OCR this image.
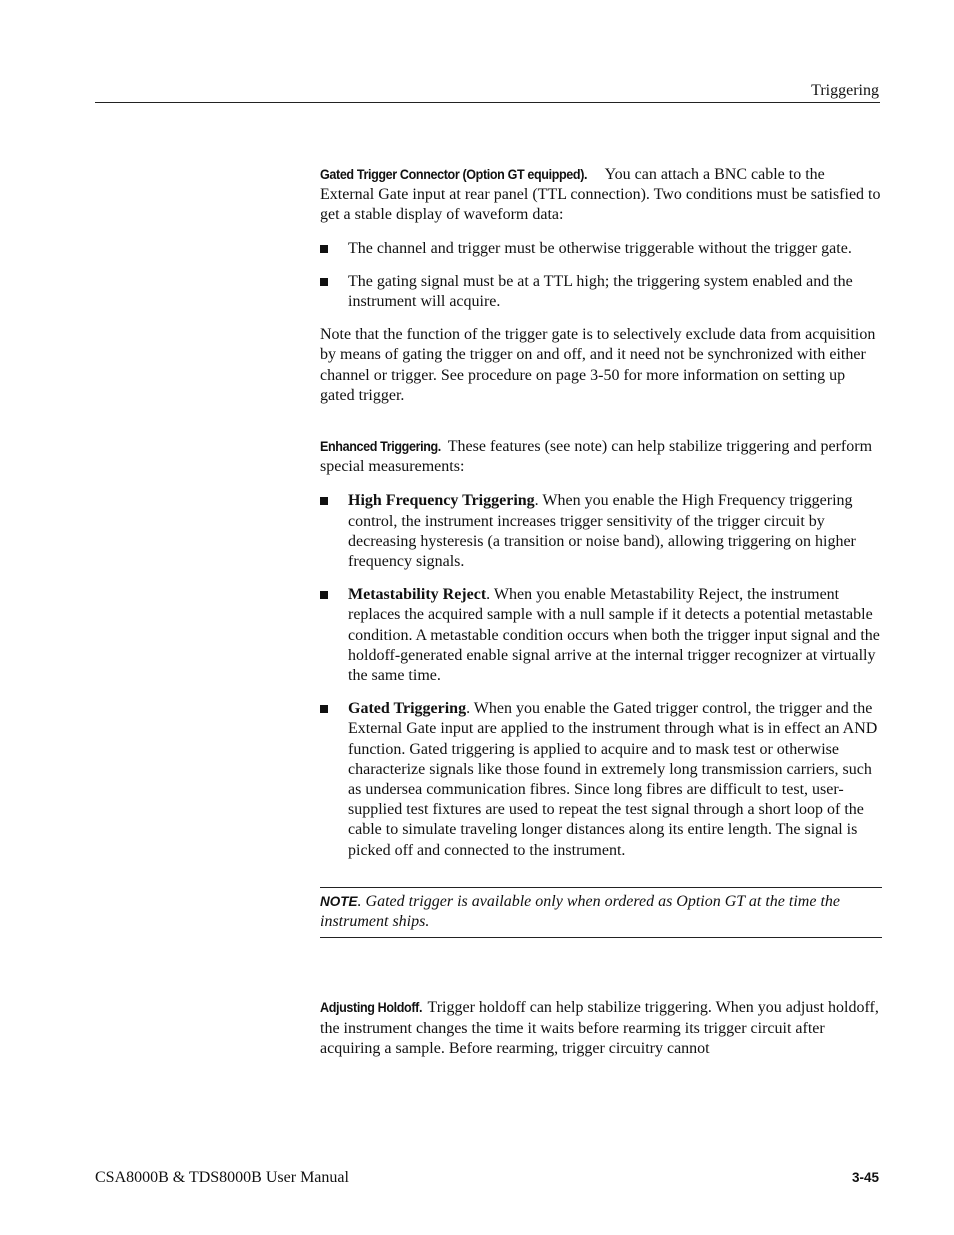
Triggering

Gated Trigger Connector (Option GT equipped). You can attach a BNC cable to the External Gate input at rear panel (TTL connection). Two conditions must be satisfied to get a stable display of waveform data:

The channel and trigger must be otherwise triggerable without the trigger gate.
The gating signal must be at a TTL high; the triggering system enabled and the instrument will acquire.

Note that the function of the trigger gate is to selectively exclude data from acquisition by means of gating the trigger on and off, and it need not be synchronized with either channel or trigger. See procedure on page 3-50 for more information on setting up gated trigger.

Enhanced Triggering. These features (see note) can help stabilize triggering and perform special measurements:

High Frequency Triggering. When you enable the High Frequency triggering control, the instrument increases trigger sensitivity of the trigger circuit by decreasing hysteresis (a transition or noise band), allowing triggering on higher frequency signals.
Metastability Reject. When you enable Metastability Reject, the instrument replaces the acquired sample with a null sample if it detects a potential metastable condition. A metastable condition occurs when both the trigger input signal and the holdoff-generated enable signal arrive at the internal trigger recognizer at virtually the same time.
Gated Triggering. When you enable the Gated trigger control, the trigger and the External Gate input are applied to the instrument through what is in effect an AND function. Gated triggering is applied to acquire and to mask test or otherwise characterize signals like those found in extremely long transmission carriers, such as undersea communication fibres. Since long fibres are difficult to test, user-supplied test fixtures are used to repeat the test signal through a short loop of the cable to simulate traveling longer distances along its entire length. The signal is picked off and connected to the instrument.
NOTE. Gated trigger is available only when ordered as Option GT at the time the instrument ships.

Adjusting Holdoff. Trigger holdoff can help stabilize triggering. When you adjust holdoff, the instrument changes the time it waits before rearming its trigger circuit after acquiring a sample. Before rearming, trigger circuitry cannot

CSA8000B & TDS8000B User Manual	3-45
